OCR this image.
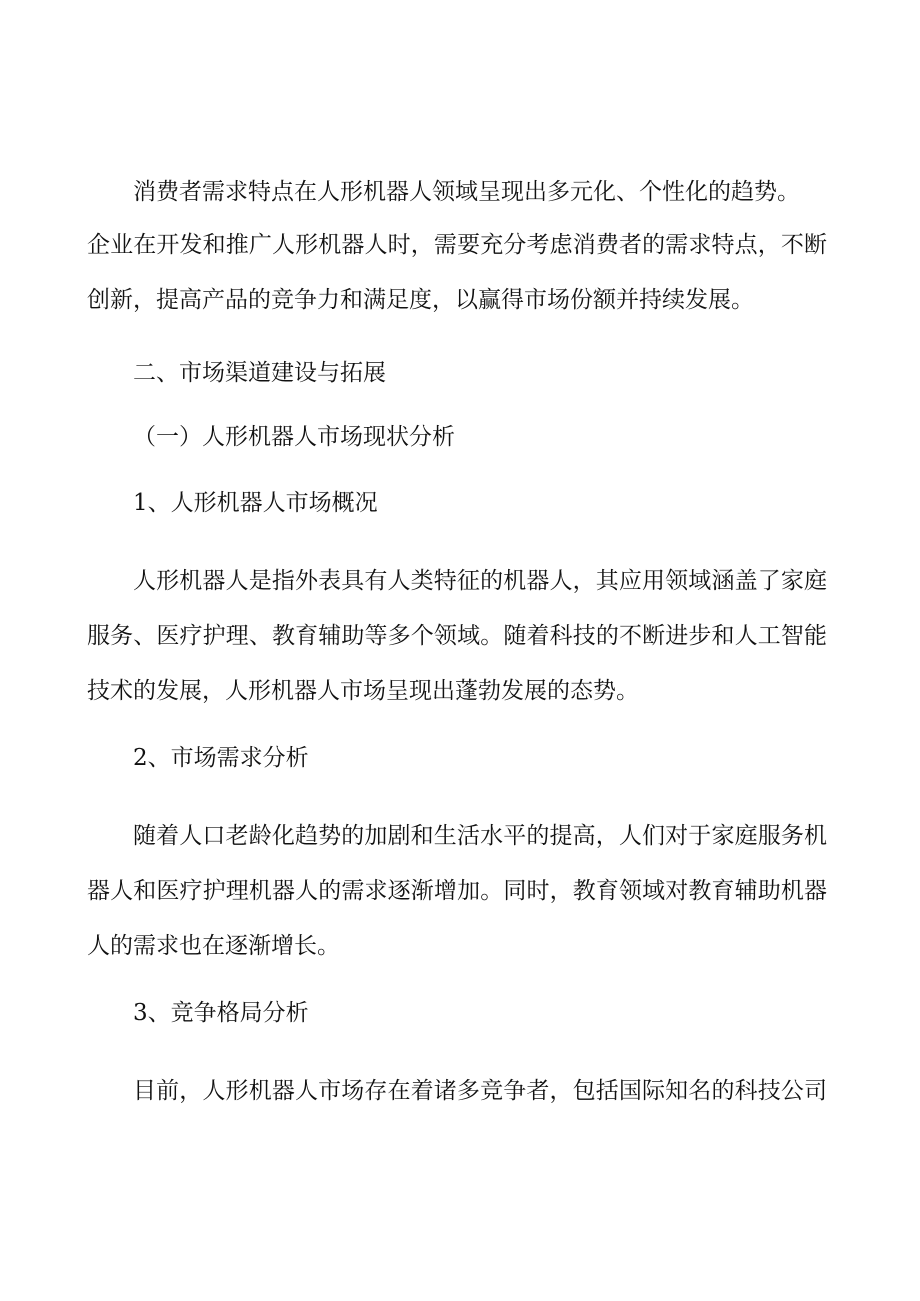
消费者需求特点在人形机器人领域呈现出多元化、个性化的趋势。
企业在开发和推广人形机器人时，需要充分考虑消费者的需求特点，不断
创新，提高产品的竞争力和满足度，以赢得市场份额并持续发展。
二、市场渠道建设与拓展
（一）人形机器人市场现状分析
1、人形机器人市场概况
人形机器人是指外表具有人类特征的机器人，其应用领域涵盖了家庭
服务、医疗护理、教育辅助等多个领域。随着科技的不断进步和人工智能
技术的发展，人形机器人市场呈现出蓬勃发展的态势。
2、市场需求分析
随着人口老龄化趋势的加剧和生活水平的提高，人们对于家庭服务机
器人和医疗护理机器人的需求逐渐增加。同时，教育领域对教育辅助机器
人的需求也在逐渐增长。
3、竞争格局分析
目前，人形机器人市场存在着诸多竞争者，包括国际知名的科技公司
